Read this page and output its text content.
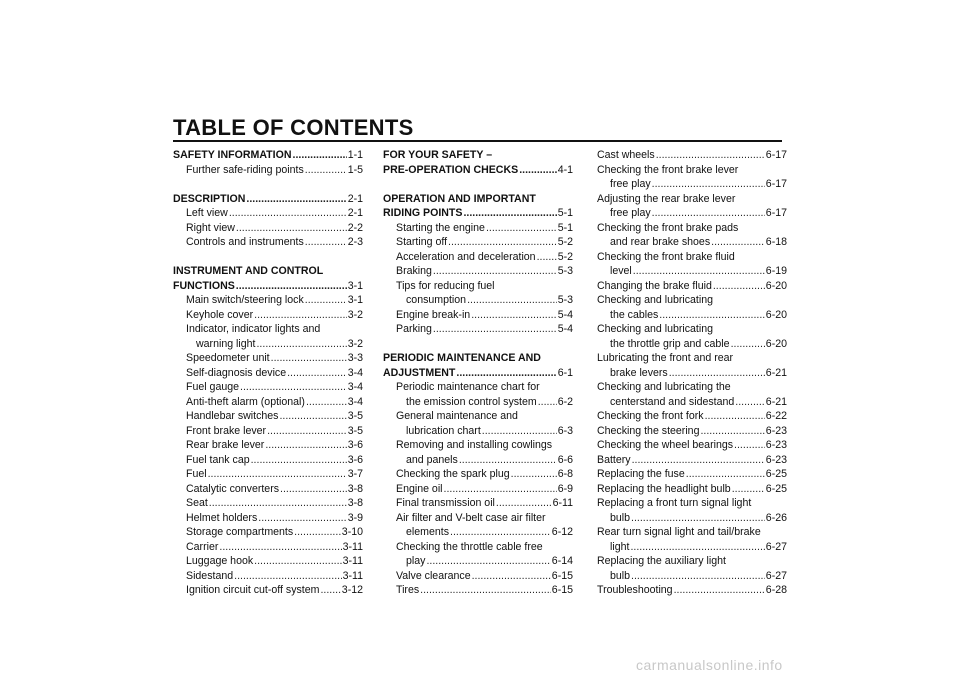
TABLE OF CONTENTS
SAFETY INFORMATION .....	1-1
Further safe-riding points .....	1-5
DESCRIPTION .....	2-1
Left view .....	2-1
Right view .....	2-2
Controls and instruments .....	2-3
INSTRUMENT AND CONTROL
FUNCTIONS .....	3-1
Main switch/steering lock .....	3-1
Keyhole cover .....	3-2
Indicator, indicator lights and
warning light .....	3-2
Speedometer unit .....	3-3
Self-diagnosis device .....	3-4
Fuel gauge .....	3-4
Anti-theft alarm (optional) .....	3-4
Handlebar switches .....	3-5
Front brake lever .....	3-5
Rear brake lever .....	3-6
Fuel tank cap .....	3-6
Fuel .....	3-7
Catalytic converters .....	3-8
Seat .....	3-8
Helmet holders .....	3-9
Storage compartments .....	3-10
Carrier .....	3-11
Luggage hook .....	3-11
Sidestand .....	3-11
Ignition circuit cut-off system ..... 3-12
FOR YOUR SAFETY –
PRE-OPERATION CHECKS .....	4-1
OPERATION AND IMPORTANT
RIDING POINTS .....	5-1
Starting the engine .....	5-1
Starting off .....	5-2
Acceleration and deceleration ..... 5-2
Braking .....	5-3
Tips for reducing fuel
consumption .....	5-3
Engine break-in .....	5-4
Parking .....	5-4
PERIODIC MAINTENANCE AND
ADJUSTMENT .....	6-1
Periodic maintenance chart for
the emission control system ..... 6-2
General maintenance and
lubrication chart .....	6-3
Removing and installing cowlings
and panels .....	6-6
Checking the spark plug .....	6-8
Engine oil .....	6-9
Final transmission oil .....	6-11
Air filter and V-belt case air filter
elements .....	6-12
Checking the throttle cable free
play .....	6-14
Valve clearance .....	6-15
Tires .....	6-15
Cast wheels .....	6-17
Checking the front brake lever
free play .....	6-17
Adjusting the rear brake lever
free play .....	6-17
Checking the front brake pads
and rear brake shoes .....	6-18
Checking the front brake fluid
level .....	6-19
Changing the brake fluid .....	6-20
Checking and lubricating
the cables .....	6-20
Checking and lubricating
the throttle grip and cable .....	6-20
Lubricating the front and rear
brake levers .....	6-21
Checking and lubricating the
centerstand and sidestand .....	6-21
Checking the front fork .....	6-22
Checking the steering .....	6-23
Checking the wheel bearings .....	6-23
Battery .....	6-23
Replacing the fuse .....	6-25
Replacing the headlight bulb .....	6-25
Replacing a front turn signal light
bulb .....	6-26
Rear turn signal light and tail/brake
light .....	6-27
Replacing the auxiliary light
bulb .....	6-27
Troubleshooting .....	6-28
carmanualsonline.info
